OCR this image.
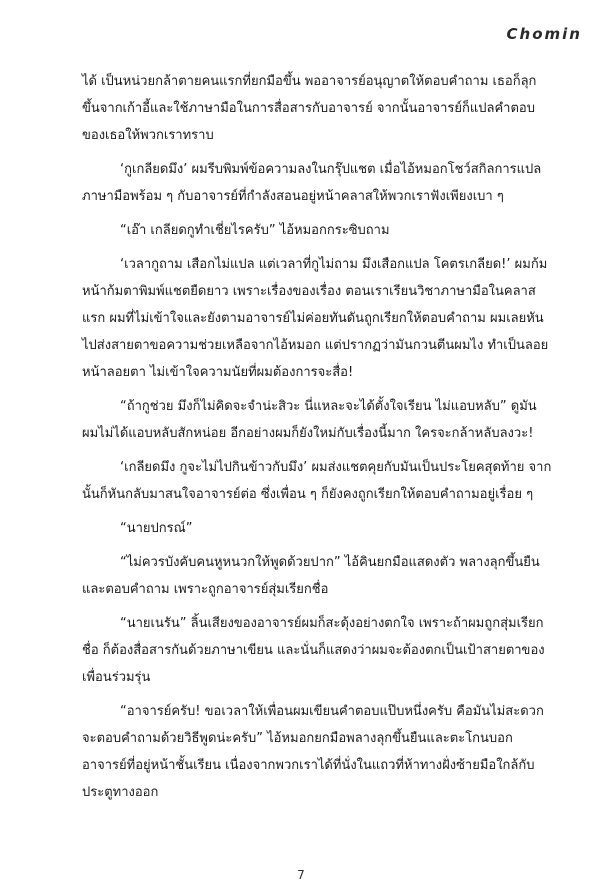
Chomin

ได้ เป็นหน่วยกล้าตายคนแรกที่ยกมือขึ้น พออาจารย์อนุญาตให้ตอบคำถาม เธอก็ลุกขึ้นจากเก้าอี้และใช้ภาษามือในการสื่อสารกับอาจารย์ จากนั้นอาจารย์ก็แปลคำตอบของเธอให้พวกเราทราบ

‘กูเกลียดมึง’ ผมรีบพิมพ์ข้อความลงในกรุ๊ปแชต เมื่อไอ้หมอกโชว์สกิลการแปลภาษามือพร้อม ๆ กับอาจารย์ที่กำลังสอนอยู่หน้าคลาสให้พวกเราฟังเพียงเบา ๆ

“เอ๊า เกลียดกูทำเชี่ยไรครับ” ไอ้หมอกกระซิบถาม

‘เวลากูถาม เสือกไม่แปล แต่เวลาที่กูไม่ถาม มึงเสือกแปล โคตรเกลียด!’ ผมก้มหน้าก้มตาพิมพ์แชตยืดยาว เพราะเรื่องของเรื่อง ตอนเราเรียนวิชาภาษามือในคลาสแรก ผมที่ไม่เข้าใจและยังตามอาจารย์ไม่ค่อยทันดันถูกเรียกให้ตอบคำถาม ผมเลยหันไปส่งสายตาขอความช่วยเหลือจากไอ้หมอก แต่ปรากฏว่ามันกวนตีนผมไง ทำเป็นลอยหน้าลอยตา ไม่เข้าใจความนัยที่ผมต้องการจะสื่อ!

“ถ้ากูช่วย มึงก็ไม่คิดจะจำน่ะสิวะ นี่แหละจะได้ตั้งใจเรียน ไม่แอบหลับ” ดูมัน ผมไม่ได้แอบหลับสักหน่อย อีกอย่างผมก็ยังใหม่กับเรื่องนี้มาก ใครจะกล้าหลับลงวะ!

‘เกลียดมึง กูจะไม่ไปกินข้าวกับมึง’ ผมส่งแชตคุยกับมันเป็นประโยคสุดท้าย จากนั้นก็หันกลับมาสนใจอาจารย์ต่อ ซึ่งเพื่อน ๆ ก็ยังคงถูกเรียกให้ตอบคำถามอยู่เรื่อย ๆ

“นายปกรณ์”

“ไม่ควรบังคับคนหูหนวกให้พูดด้วยปาก” ไอ้คินยกมือแสดงตัว พลางลุกขึ้นยืนและตอบคำถาม เพราะถูกอาจารย์สุ่มเรียกชื่อ

“นายเนรัน” ลิ้นเสียงของอาจารย์ผมก็สะดุ้งอย่างตกใจ เพราะถ้าผมถูกสุ่มเรียกชื่อ ก็ต้องสื่อสารกันด้วยภาษาเขียน และนั่นก็แสดงว่าผมจะต้องตกเป็นเป้าสายตาของเพื่อนร่วมรุ่น

“อาจารย์ครับ! ขอเวลาให้เพื่อนผมเขียนคำตอบแป๊บหนึ่งครับ คือมันไม่สะดวกจะตอบคำถามด้วยวิธีพูดน่ะครับ” ไอ้หมอกยกมือพลางลุกขึ้นยืนและตะโกนบอกอาจารย์ที่อยู่หน้าชั้นเรียน เนื่องจากพวกเราได้ที่นั่งในแถวที่ห้าทางฝั่งซ้ายมือใกล้กับประตูทางออก

7
